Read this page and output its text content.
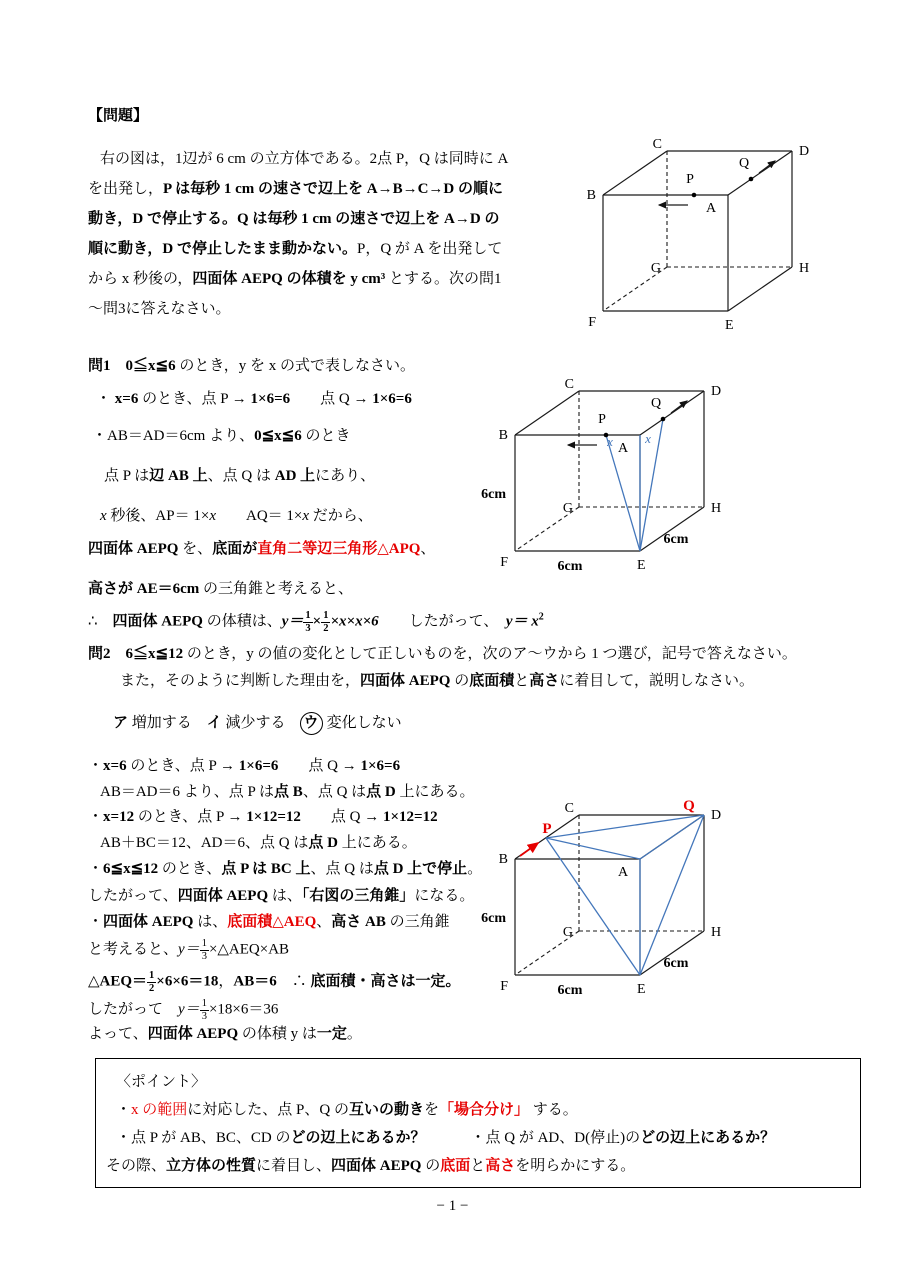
【問題】
右の図は，1辺が 6 cm の立方体である。2点 P，Q は同時に A
を出発し，P は毎秒 1 cm の速さで辺上を A→B→C→D の順に
動き，D で停止する。Q は毎秒 1 cm の速さで辺上を A→D の
順に動き，D で停止したまま動かない。P，Q が A を出発して
から x 秒後の，四面体 AEPQ の体積を y cm³ とする。次の問1
〜問3に答えなさい。
問1　0≦x≦6 のとき，y を x の式で表しなさい。
・ x=6 のとき、点 P → 1×6=6　　点 Q → 1×6=6
・AB＝AD＝6cm より、0≦x≦6 のとき
点 P は辺 AB 上、点 Q は AD 上にあり、
x 秒後、AP＝ 1×x　　AQ＝ 1×x だから、
四面体 AEPQ を、底面が直角二等辺三角形△APQ、
高さが AE＝6cm の三角錐と考えると、
∴　四面体 AEPQ の体積は、$y= \frac{1}{3} \times \frac{1}{2} \times x\times x\times 6$　　したがって、　$y= x^2$
問2　6≦x≦12 のとき，y の値の変化として正しいものを，次のア〜ウから 1 つ選び，記号で答えなさい。
また，そのように判断した理由を，四面体 AEPQ の底面積と高さに着目して，説明しなさい。
ア 増加する　イ 減少する ウ 変化しない
・x=6 のとき、点 P → 1×6=6　　点 Q → 1×6=6
AB＝AD＝6 より、点 P は点 B、点 Q は点 D 上にある。
・x=12 のとき、点 P → 1×12=12　　点 Q → 1×12=12
AB＋BC＝12、AD＝6、点 Q は点 D 上にある。
・6≦x≦12 のとき、点 P は BC 上、点 Q は点 D 上で停止。
したがって、四面体 AEPQ は、「右図の三角錐」になる。
・四面体 AEPQ は、底面積△AEQ、高さ AB の三角錐
と考えると、$y= \frac{1}{3}$ ×△AEQ×AB
△AEQ＝ $\frac{1}{2} \times 6\times 6=18$，AB＝6　∴ 底面積・高さは一定。
したがって　$y= \frac{1}{3} \times 18\times 6=36$
よって、四面体 AEPQ の体積 y は一定。
B
C	D
A
F	E
G	H
P
Q
B
C	D
A
F	E
G	H
P
Q
x x
6cm
6cm
6cm
B
C	D
A
F	E
G	H
P
Q
6cm
6cm
6cm
〈ポイント〉
・x の範囲に対応した、点 P、Q の互いの動きを「場合分け」 する。
・点 P が AB、BC、CD のどの辺上にあるか？　　　・点 Q が AD、D(停止)のどの辺上にあるか？
その際、立方体の性質に着目し、四面体 AEPQ の底面と高さを明らかにする。
− 1 −
